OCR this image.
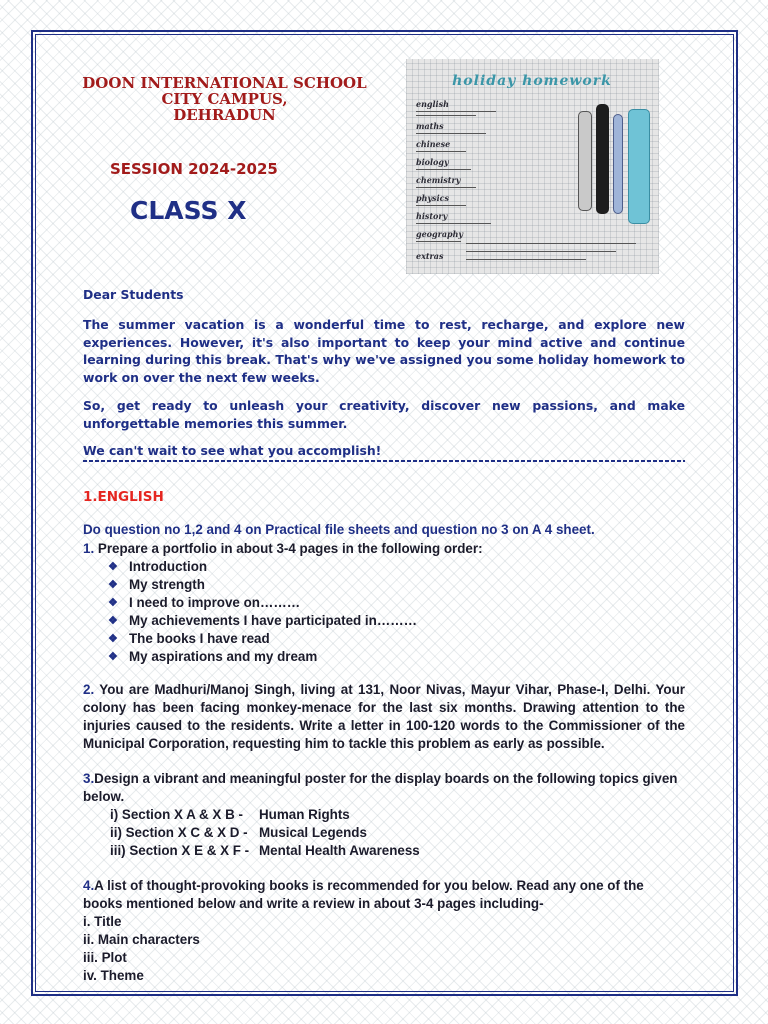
DOON INTERNATIONAL SCHOOL
CITY CAMPUS,
DEHRADUN
SESSION 2024-2025
CLASS X
holiday homework
english
maths
chinese
biology
chemistry
physics
history
geography
extras
Dear Students
The summer vacation is a wonderful time to rest, recharge, and explore new experiences. However, it's also important to keep your mind active and continue learning during this break. That's why we've assigned you some holiday homework to work on over the next few weeks.
So, get ready to unleash your creativity, discover new passions, and make unforgettable memories this summer.
We can't wait to see what you accomplish!
1.ENGLISH
Do question no 1,2 and 4 on Practical file sheets and question no 3 on A 4 sheet.
1. Prepare a portfolio in about 3-4 pages in the following order:
❖ Introduction
❖ My strength
❖ I need to improve on………
❖ My achievements I have participated in………
❖ The books I have read
❖ My aspirations and my dream
2. You are Madhuri/Manoj Singh, living at 131, Noor Nivas, Mayur Vihar, Phase-I, Delhi. Your colony has been facing monkey-menace for the last six months. Drawing attention to the injuries caused to the residents. Write a letter in 100-120 words to the Commissioner of the Municipal Corporation, requesting him to tackle this problem as early as possible.
3.Design a vibrant and meaningful poster for the display boards on the following topics given below.
i) Section X A & X B -	Human Rights
ii) Section X C & X D - Musical Legends
iii) Section X E & X F - Mental Health Awareness
4.A list of thought-provoking books is recommended for you below. Read any one of the books mentioned below and write a review in about 3-4 pages including-
i. Title
ii. Main characters
iii. Plot
iv. Theme
